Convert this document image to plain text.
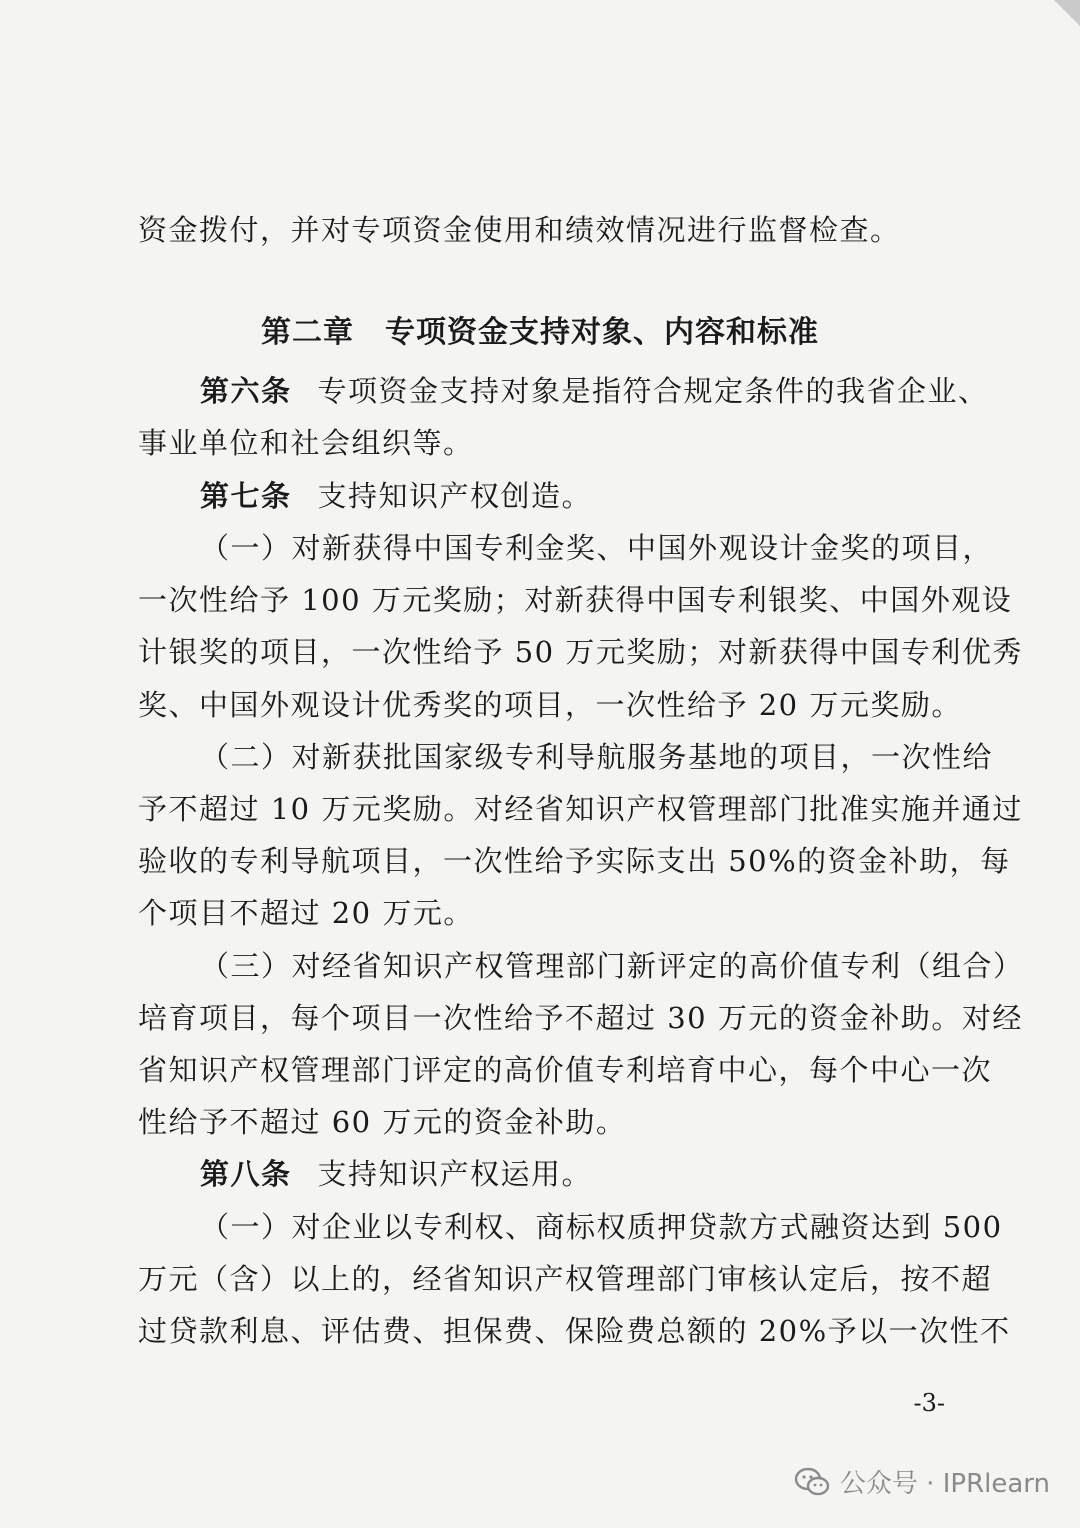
资金拨付，并对专项资金使用和绩效情况进行监督检查。
第二章　专项资金支持对象、内容和标准
第六条 专项资金支持对象是指符合规定条件的我省企业、
事业单位和社会组织等。
第七条 支持知识产权创造。
（一）对新获得中国专利金奖、中国外观设计金奖的项目，
一次性给予 100 万元奖励；对新获得中国专利银奖、中国外观设
计银奖的项目，一次性给予 50 万元奖励；对新获得中国专利优秀
奖、中国外观设计优秀奖的项目，一次性给予 20 万元奖励。
（二）对新获批国家级专利导航服务基地的项目，一次性给
予不超过 10 万元奖励。对经省知识产权管理部门批准实施并通过
验收的专利导航项目，一次性给予实际支出 50%的资金补助，每
个项目不超过 20 万元。
（三）对经省知识产权管理部门新评定的高价值专利（组合）
培育项目，每个项目一次性给予不超过 30 万元的资金补助。对经
省知识产权管理部门评定的高价值专利培育中心，每个中心一次
性给予不超过 60 万元的资金补助。
第八条 支持知识产权运用。
（一）对企业以专利权、商标权质押贷款方式融资达到 500
万元（含）以上的，经省知识产权管理部门审核认定后，按不超
过贷款利息、评估费、担保费、保险费总额的 20%予以一次性不
-3-
公众号 · IPRlearn
